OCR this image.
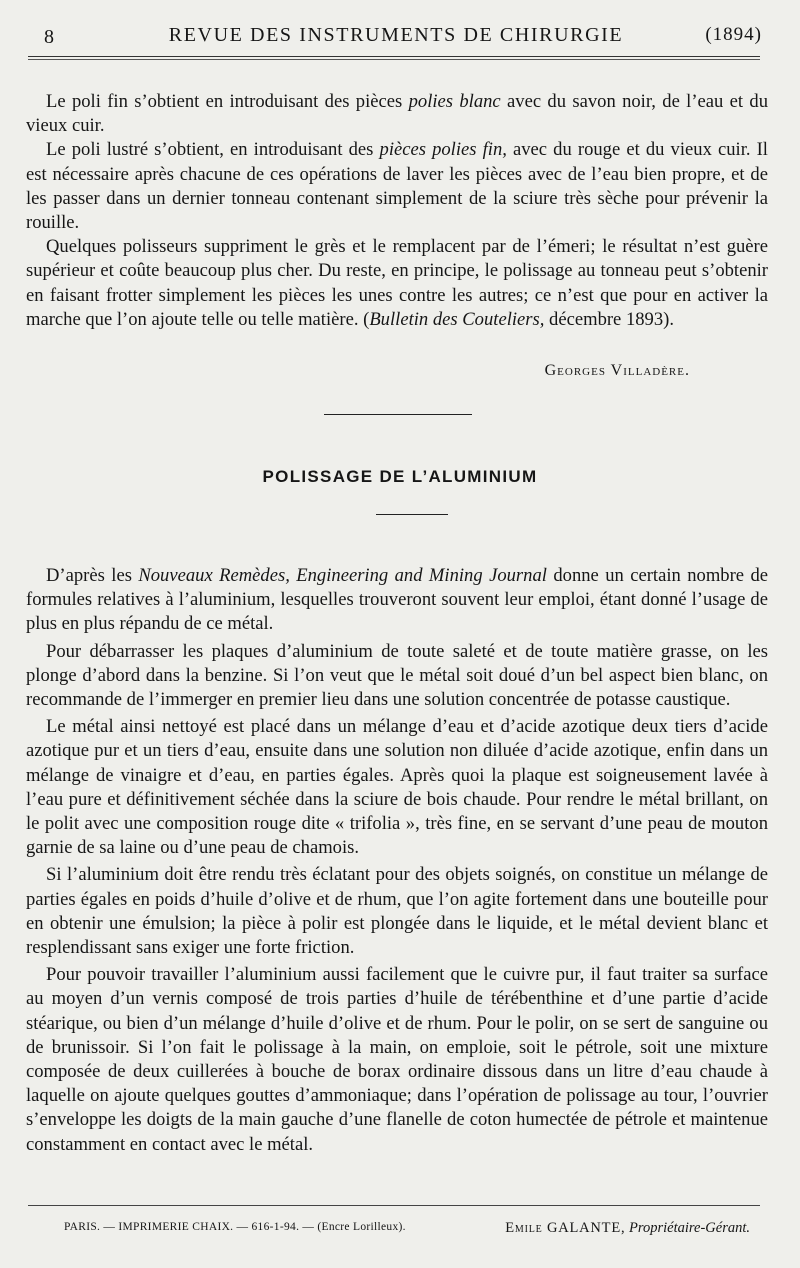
8	REVUE DES INSTRUMENTS DE CHIRURGIE	(1894)

Le poli fin s’obtient en introduisant des pièces polies blanc avec du savon noir, de l’eau et du vieux cuir.

Le poli lustré s’obtient, en introduisant des pièces polies fin, avec du rouge et du vieux cuir. Il est nécessaire après chacune de ces opérations de laver les pièces avec de l’eau bien propre, et de les passer dans un dernier tonneau contenant simplement de la sciure très sèche pour prévenir la rouille.

Quelques polisseurs suppriment le grès et le remplacent par de l’émeri; le résultat n’est guère supérieur et coûte beaucoup plus cher. Du reste, en principe, le polissage au tonneau peut s’obtenir en faisant frotter simplement les pièces les unes contre les autres; ce n’est que pour en activer la marche que l’on ajoute telle ou telle matière. (Bulletin des Couteliers, décembre 1893).

Georges Villadère.
POLISSAGE DE L’ALUMINIUM

D’après les Nouveaux Remèdes, Engineering and Mining Journal donne un certain nombre de formules relatives à l’aluminium, lesquelles trouveront souvent leur emploi, étant donné l’usage de plus en plus répandu de ce métal.

Pour débarrasser les plaques d’aluminium de toute saleté et de toute matière grasse, on les plonge d’abord dans la benzine. Si l’on veut que le métal soit doué d’un bel aspect bien blanc, on recommande de l’immerger en premier lieu dans une solution concentrée de potasse caustique.

Le métal ainsi nettoyé est placé dans un mélange d’eau et d’acide azotique deux tiers d’acide azotique pur et un tiers d’eau, ensuite dans une solution non diluée d’acide azotique, enfin dans un mélange de vinaigre et d’eau, en parties égales. Après quoi la plaque est soigneusement lavée à l’eau pure et définitivement séchée dans la sciure de bois chaude. Pour rendre le métal brillant, on le polit avec une composition rouge dite « trifolia », très fine, en se servant d’une peau de mouton garnie de sa laine ou d’une peau de chamois.

Si l’aluminium doit être rendu très éclatant pour des objets soignés, on constitue un mélange de parties égales en poids d’huile d’olive et de rhum, que l’on agite fortement dans une bouteille pour en obtenir une émulsion; la pièce à polir est plongée dans le liquide, et le métal devient blanc et resplendissant sans exiger une forte friction.

Pour pouvoir travailler l’aluminium aussi facilement que le cuivre pur, il faut traiter sa surface au moyen d’un vernis composé de trois parties d’huile de térébenthine et d’une partie d’acide stéarique, ou bien d’un mélange d’huile d’olive et de rhum. Pour le polir, on se sert de sanguine ou de brunissoir. Si l’on fait le polissage à la main, on emploie, soit le pétrole, soit une mixture composée de deux cuillerées à bouche de borax ordinaire dissous dans un litre d’eau chaude à laquelle on ajoute quelques gouttes d’ammoniaque; dans l’opération de polissage au tour, l’ouvrier s’enveloppe les doigts de la main gauche d’une flanelle de coton humectée de pétrole et maintenue constamment en contact avec le métal.

PARIS. — IMPRIMERIE CHAIX. — 616-1-94. — (Encre Lorilleux).	Emile GALANTE, Propriétaire-Gérant.
